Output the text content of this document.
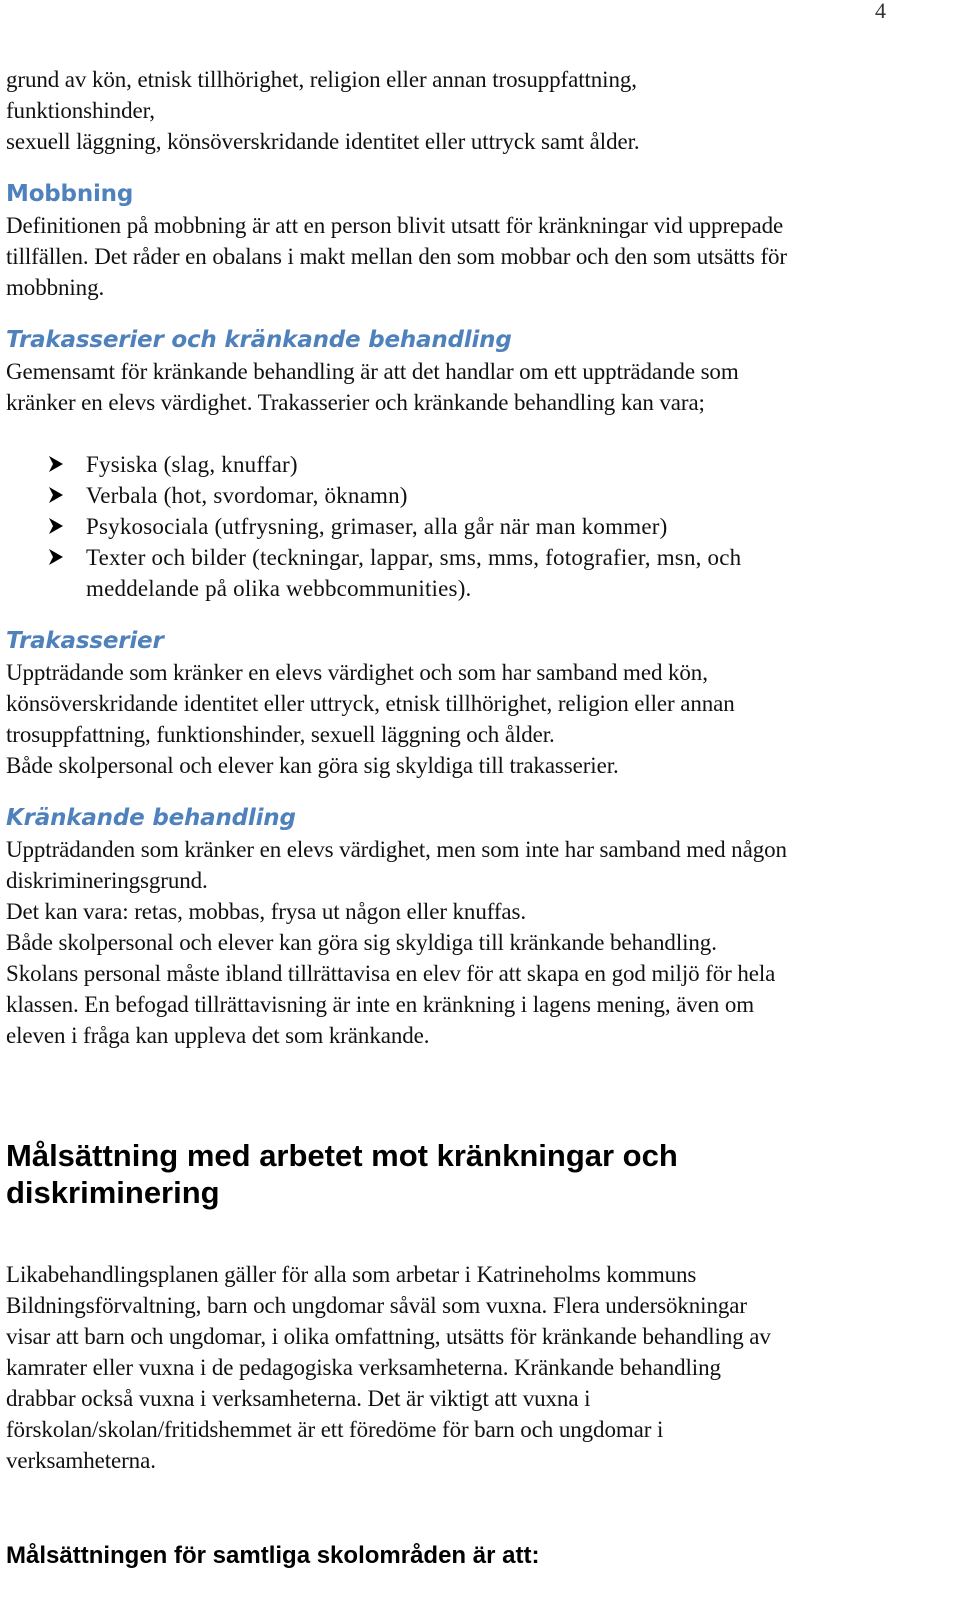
4

grund av kön, etnisk tillhörighet, religion eller annan trosuppfattning,
funktionshinder,
sexuell läggning, könsöverskridande identitet eller uttryck samt ålder.

Mobbning

Definitionen på mobbning är att en person blivit utsatt för kränkningar vid upprepade
tillfällen. Det råder en obalans i makt mellan den som mobbar och den som utsätts för
mobbning.

Trakasserier och kränkande behandling

Gemensamt för kränkande behandling är att det handlar om ett uppträdande som
kränker en elevs värdighet. Trakasserier och kränkande behandling kan vara;

Fysiska (slag, knuffar)
Verbala (hot, svordomar, öknamn)
Psykosociala (utfrysning, grimaser, alla går när man kommer)
Texter och bilder (teckningar, lappar, sms, mms, fotografier, msn, och
meddelande på olika webbcommunities).
Trakasserier

Uppträdande som kränker en elevs värdighet och som har samband med kön,
könsöverskridande identitet eller uttryck, etnisk tillhörighet, religion eller annan
trosuppfattning, funktionshinder, sexuell läggning och ålder.
Både skolpersonal och elever kan göra sig skyldiga till trakasserier.

Kränkande behandling

Uppträdanden som kränker en elevs värdighet, men som inte har samband med någon
diskrimineringsgrund.
Det kan vara: retas, mobbas, frysa ut någon eller knuffas.
Både skolpersonal och elever kan göra sig skyldiga till kränkande behandling.
Skolans personal måste ibland tillrättavisa en elev för att skapa en god miljö för hela
klassen. En befogad tillrättavisning är inte en kränkning i lagens mening, även om
eleven i fråga kan uppleva det som kränkande.

Målsättning med arbetet mot kränkningar och
diskriminering

Likabehandlingsplanen gäller för alla som arbetar i Katrineholms kommuns
Bildningsförvaltning, barn och ungdomar såväl som vuxna. Flera undersökningar
visar att barn och ungdomar, i olika omfattning, utsätts för kränkande behandling av
kamrater eller vuxna i de pedagogiska verksamheterna. Kränkande behandling
drabbar också vuxna i verksamheterna. Det är viktigt att vuxna i
förskolan/skolan/fritidshemmet är ett föredöme för barn och ungdomar i
verksamheterna.

Målsättningen för samtliga skolområden är att:
